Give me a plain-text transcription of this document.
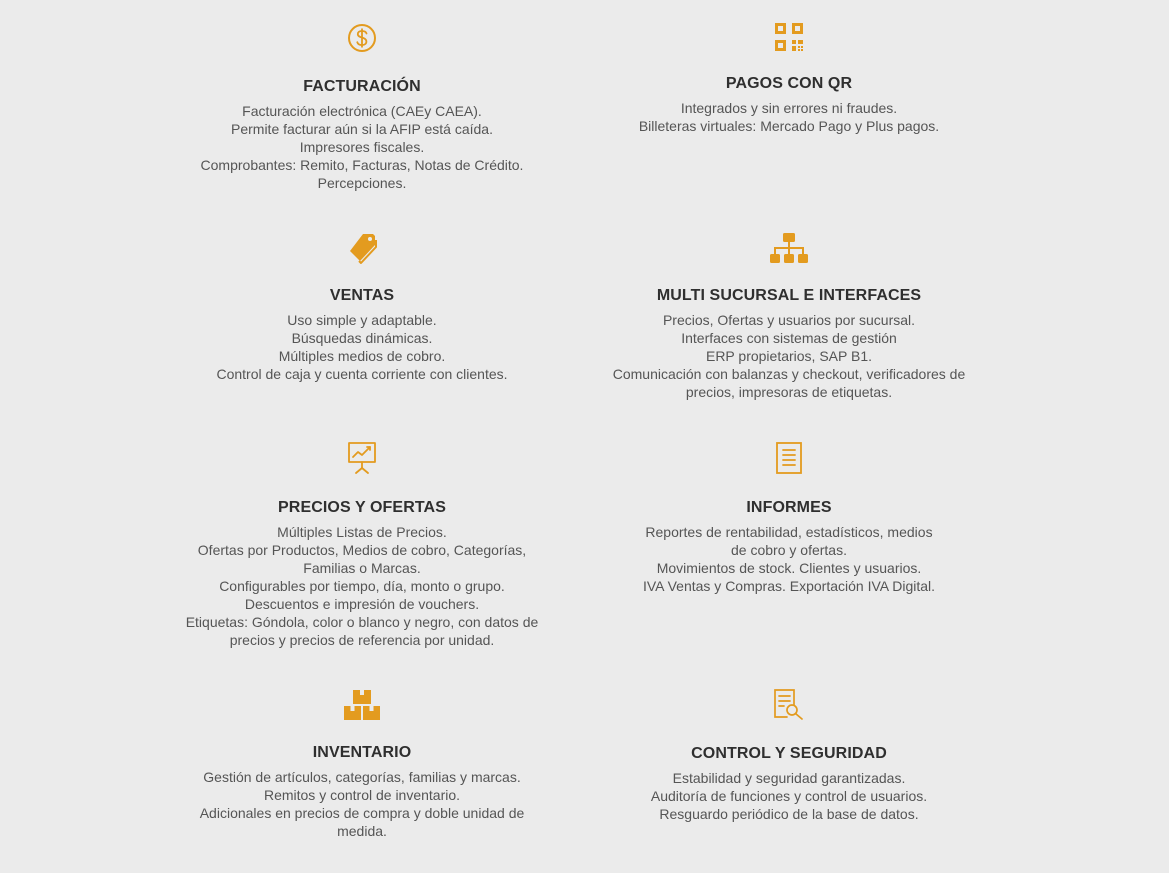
FACTURACIÓN
Facturación electrónica (CAEy CAEA).
Permite facturar aún si la AFIP está caída.
Impresores fiscales.
Comprobantes: Remito, Facturas, Notas de Crédito.
Percepciones.
PAGOS CON QR
Integrados y sin errores ni fraudes.
Billeteras virtuales: Mercado Pago y Plus pagos.
VENTAS
Uso simple y adaptable.
Búsquedas dinámicas.
Múltiples medios de cobro.
Control de caja y cuenta corriente con clientes.
MULTI SUCURSAL E INTERFACES
Precios, Ofertas y usuarios por sucursal.
Interfaces con sistemas de gestión
ERP propietarios, SAP B1.
Comunicación con balanzas y checkout, verificadores de
precios, impresoras de etiquetas.
PRECIOS Y OFERTAS
Múltiples Listas de Precios.
Ofertas por Productos, Medios de cobro, Categorías,
Familias o Marcas.
Configurables por tiempo, día, monto o grupo.
Descuentos e impresión de vouchers.
Etiquetas: Góndola, color o blanco y negro, con datos de
precios y precios de referencia por unidad.
INFORMES
Reportes de rentabilidad, estadísticos, medios
de cobro y ofertas.
Movimientos de stock. Clientes y usuarios.
IVA Ventas y Compras. Exportación IVA Digital.
INVENTARIO
Gestión de artículos, categorías, familias y marcas.
Remitos y control de inventario.
Adicionales en precios de compra y doble unidad de
medida.
CONTROL Y SEGURIDAD
Estabilidad y seguridad garantizadas.
Auditoría de funciones y control de usuarios.
Resguardo periódico de la base de datos.
